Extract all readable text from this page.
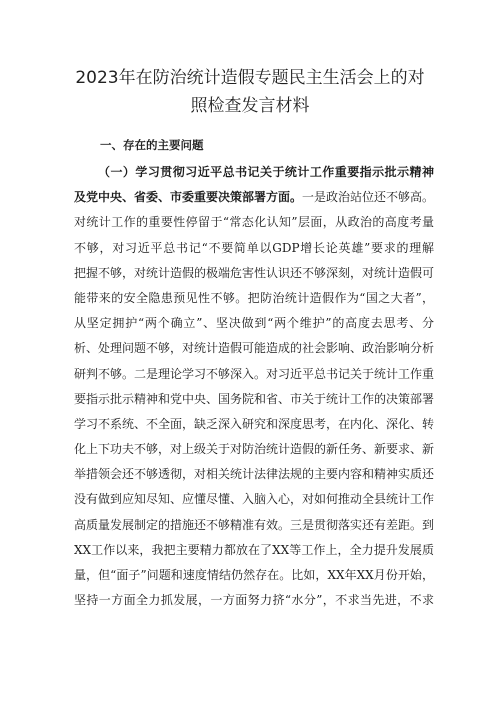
2023年在防治统计造假专题民主生活会上的对
照检查发言材料
一、存在的主要问题
（一）学习贯彻习近平总书记关于统计工作重要指示批示精神
及党中央、省委、市委重要决策部署方面。一是政治站位还不够高。
对统计工作的重要性停留于“常态化认知”层面，从政治的高度考量
不够，对习近平总书记“不要简单以GDP增长论英雄”要求的理解
把握不够，对统计造假的极端危害性认识还不够深刻，对统计造假可
能带来的安全隐患预见性不够。把防治统计造假作为“国之大者”，
从坚定拥护“两个确立”、坚决做到“两个维护”的高度去思考、分
析、处理问题不够，对统计造假可能造成的社会影响、政治影响分析
研判不够。二是理论学习不够深入。对习近平总书记关于统计工作重
要指示批示精神和党中央、国务院和省、市关于统计工作的决策部署
学习不系统、不全面，缺乏深入研究和深度思考，在内化、深化、转
化上下功夫不够，对上级关于对防治统计造假的新任务、新要求、新
举措领会还不够透彻，对相关统计法律法规的主要内容和精神实质还
没有做到应知尽知、应懂尽懂、入脑入心，对如何推动全县统计工作
高质量发展制定的措施还不够精准有效。三是贯彻落实还有差距。到
XX工作以来，我把主要精力都放在了XX等工作上，全力提升发展质
量，但“面子”问题和速度情结仍然存在。比如，XX年XX月份开始，
坚持一方面全力抓发展，一方面努力挤“水分”，不求当先进，不求
